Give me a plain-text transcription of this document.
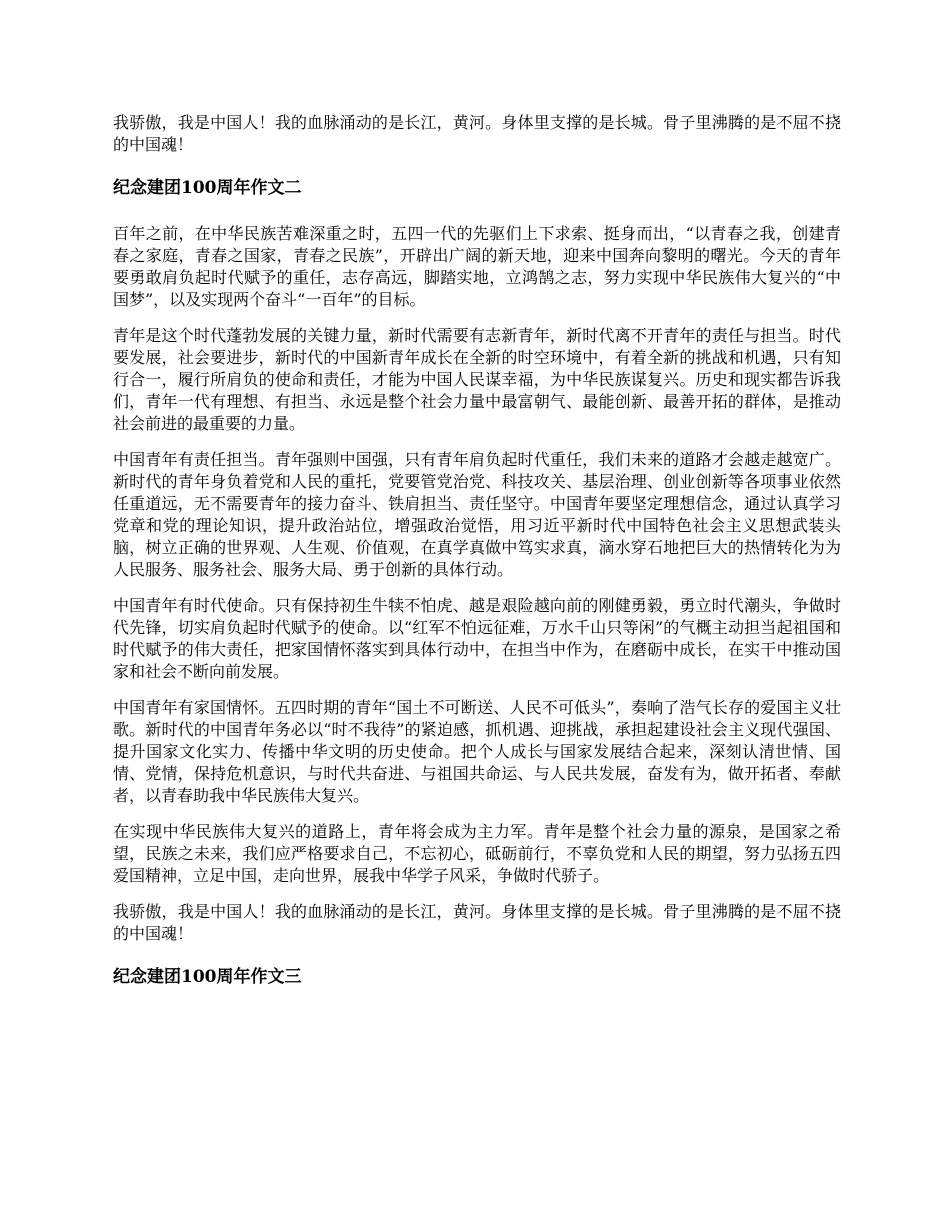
我骄傲，我是中国人！我的血脉涌动的是长江，黄河。身体里支撑的是长城。骨子里沸腾的是不屈不挠的中国魂！

纪念建团100周年作文二

百年之前，在中华民族苦难深重之时，五四一代的先驱们上下求索、挺身而出，“以青春之我，创建青春之家庭，青春之国家，青春之民族”，开辟出广阔的新天地，迎来中国奔向黎明的曙光。今天的青年要勇敢肩负起时代赋予的重任，志存高远，脚踏实地，立鸿鹄之志，努力实现中华民族伟大复兴的“中国梦”，以及实现两个奋斗“一百年”的目标。

青年是这个时代蓬勃发展的关键力量，新时代需要有志新青年，新时代离不开青年的责任与担当。时代要发展，社会要进步，新时代的中国新青年成长在全新的时空环境中，有着全新的挑战和机遇，只有知行合一，履行所肩负的使命和责任，才能为中国人民谋幸福，为中华民族谋复兴。历史和现实都告诉我们，青年一代有理想、有担当、永远是整个社会力量中最富朝气、最能创新、最善开拓的群体，是推动社会前进的最重要的力量。

中国青年有责任担当。青年强则中国强，只有青年肩负起时代重任，我们未来的道路才会越走越宽广。新时代的青年身负着党和人民的重托，党要管党治党、科技攻关、基层治理、创业创新等各项事业依然任重道远，无不需要青年的接力奋斗、铁肩担当、责任坚守。中国青年要坚定理想信念，通过认真学习党章和党的理论知识，提升政治站位，增强政治觉悟，用习近平新时代中国特色社会主义思想武装头脑，树立正确的世界观、人生观、价值观，在真学真做中笃实求真，滴水穿石地把巨大的热情转化为为人民服务、服务社会、服务大局、勇于创新的具体行动。

中国青年有时代使命。只有保持初生牛犊不怕虎、越是艰险越向前的刚健勇毅，勇立时代潮头，争做时代先锋，切实肩负起时代赋予的使命。以“红军不怕远征难，万水千山只等闲”的气概主动担当起祖国和时代赋予的伟大责任，把家国情怀落实到具体行动中，在担当中作为，在磨砺中成长，在实干中推动国家和社会不断向前发展。

中国青年有家国情怀。五四时期的青年“国土不可断送、人民不可低头”，奏响了浩气长存的爱国主义壮歌。新时代的中国青年务必以“时不我待”的紧迫感，抓机遇、迎挑战，承担起建设社会主义现代强国、提升国家文化实力、传播中华文明的历史使命。把个人成长与国家发展结合起来，深刻认清世情、国情、党情，保持危机意识，与时代共奋进、与祖国共命运、与人民共发展，奋发有为，做开拓者、奉献者，以青春助我中华民族伟大复兴。

在实现中华民族伟大复兴的道路上，青年将会成为主力军。青年是整个社会力量的源泉，是国家之希望，民族之未来，我们应严格要求自己，不忘初心，砥砺前行，不辜负党和人民的期望，努力弘扬五四爱国精神，立足中国，走向世界，展我中华学子风采，争做时代骄子。

我骄傲，我是中国人！我的血脉涌动的是长江，黄河。身体里支撑的是长城。骨子里沸腾的是不屈不挠的中国魂！

纪念建团100周年作文三
